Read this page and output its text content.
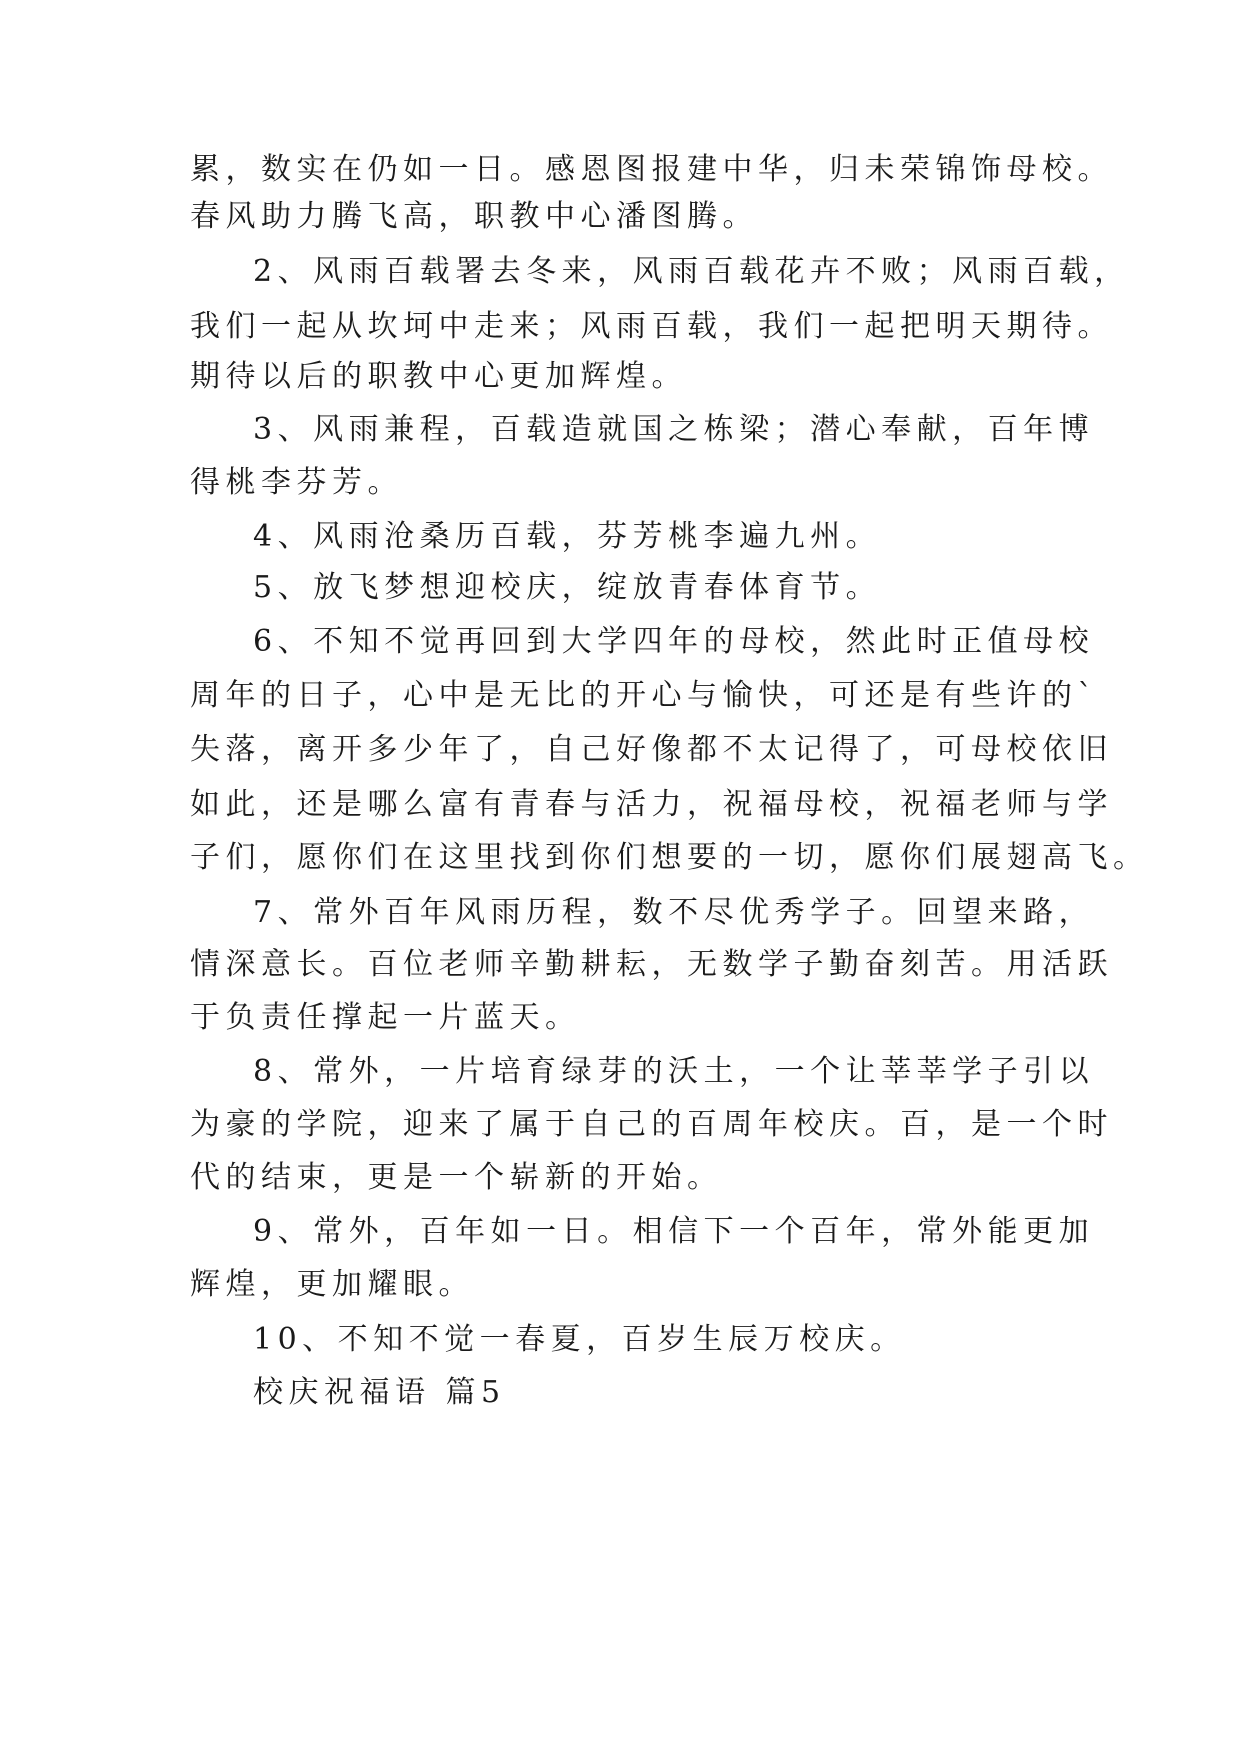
累，数实在仍如一日。感恩图报建中华，归未荣锦饰母校。
春风助力腾飞高，职教中心潘图腾。
2、风雨百载署去冬来，风雨百载花卉不败；风雨百载，
我们一起从坎坷中走来；风雨百载，我们一起把明天期待。
期待以后的职教中心更加辉煌。
3、风雨兼程，百载造就国之栋梁；潜心奉献，百年博
得桃李芬芳。
4、风雨沧桑历百载，芬芳桃李遍九州。
5、放飞梦想迎校庆，绽放青春体育节。
6、不知不觉再回到大学四年的母校，然此时正值母校
周年的日子，心中是无比的开心与愉快，可还是有些许的`
失落，离开多少年了，自己好像都不太记得了，可母校依旧
如此，还是哪么富有青春与活力，祝福母校，祝福老师与学
子们，愿你们在这里找到你们想要的一切，愿你们展翅高飞。
7、常外百年风雨历程，数不尽优秀学子。回望来路，
情深意长。百位老师辛勤耕耘，无数学子勤奋刻苦。用活跃
于负责任撑起一片蓝天。
8、常外，一片培育绿芽的沃土，一个让莘莘学子引以
为豪的学院，迎来了属于自己的百周年校庆。百，是一个时
代的结束，更是一个崭新的开始。
9、常外，百年如一日。相信下一个百年，常外能更加
辉煌，更加耀眼。
10、不知不觉一春夏，百岁生辰万校庆。
校庆祝福语 篇5
